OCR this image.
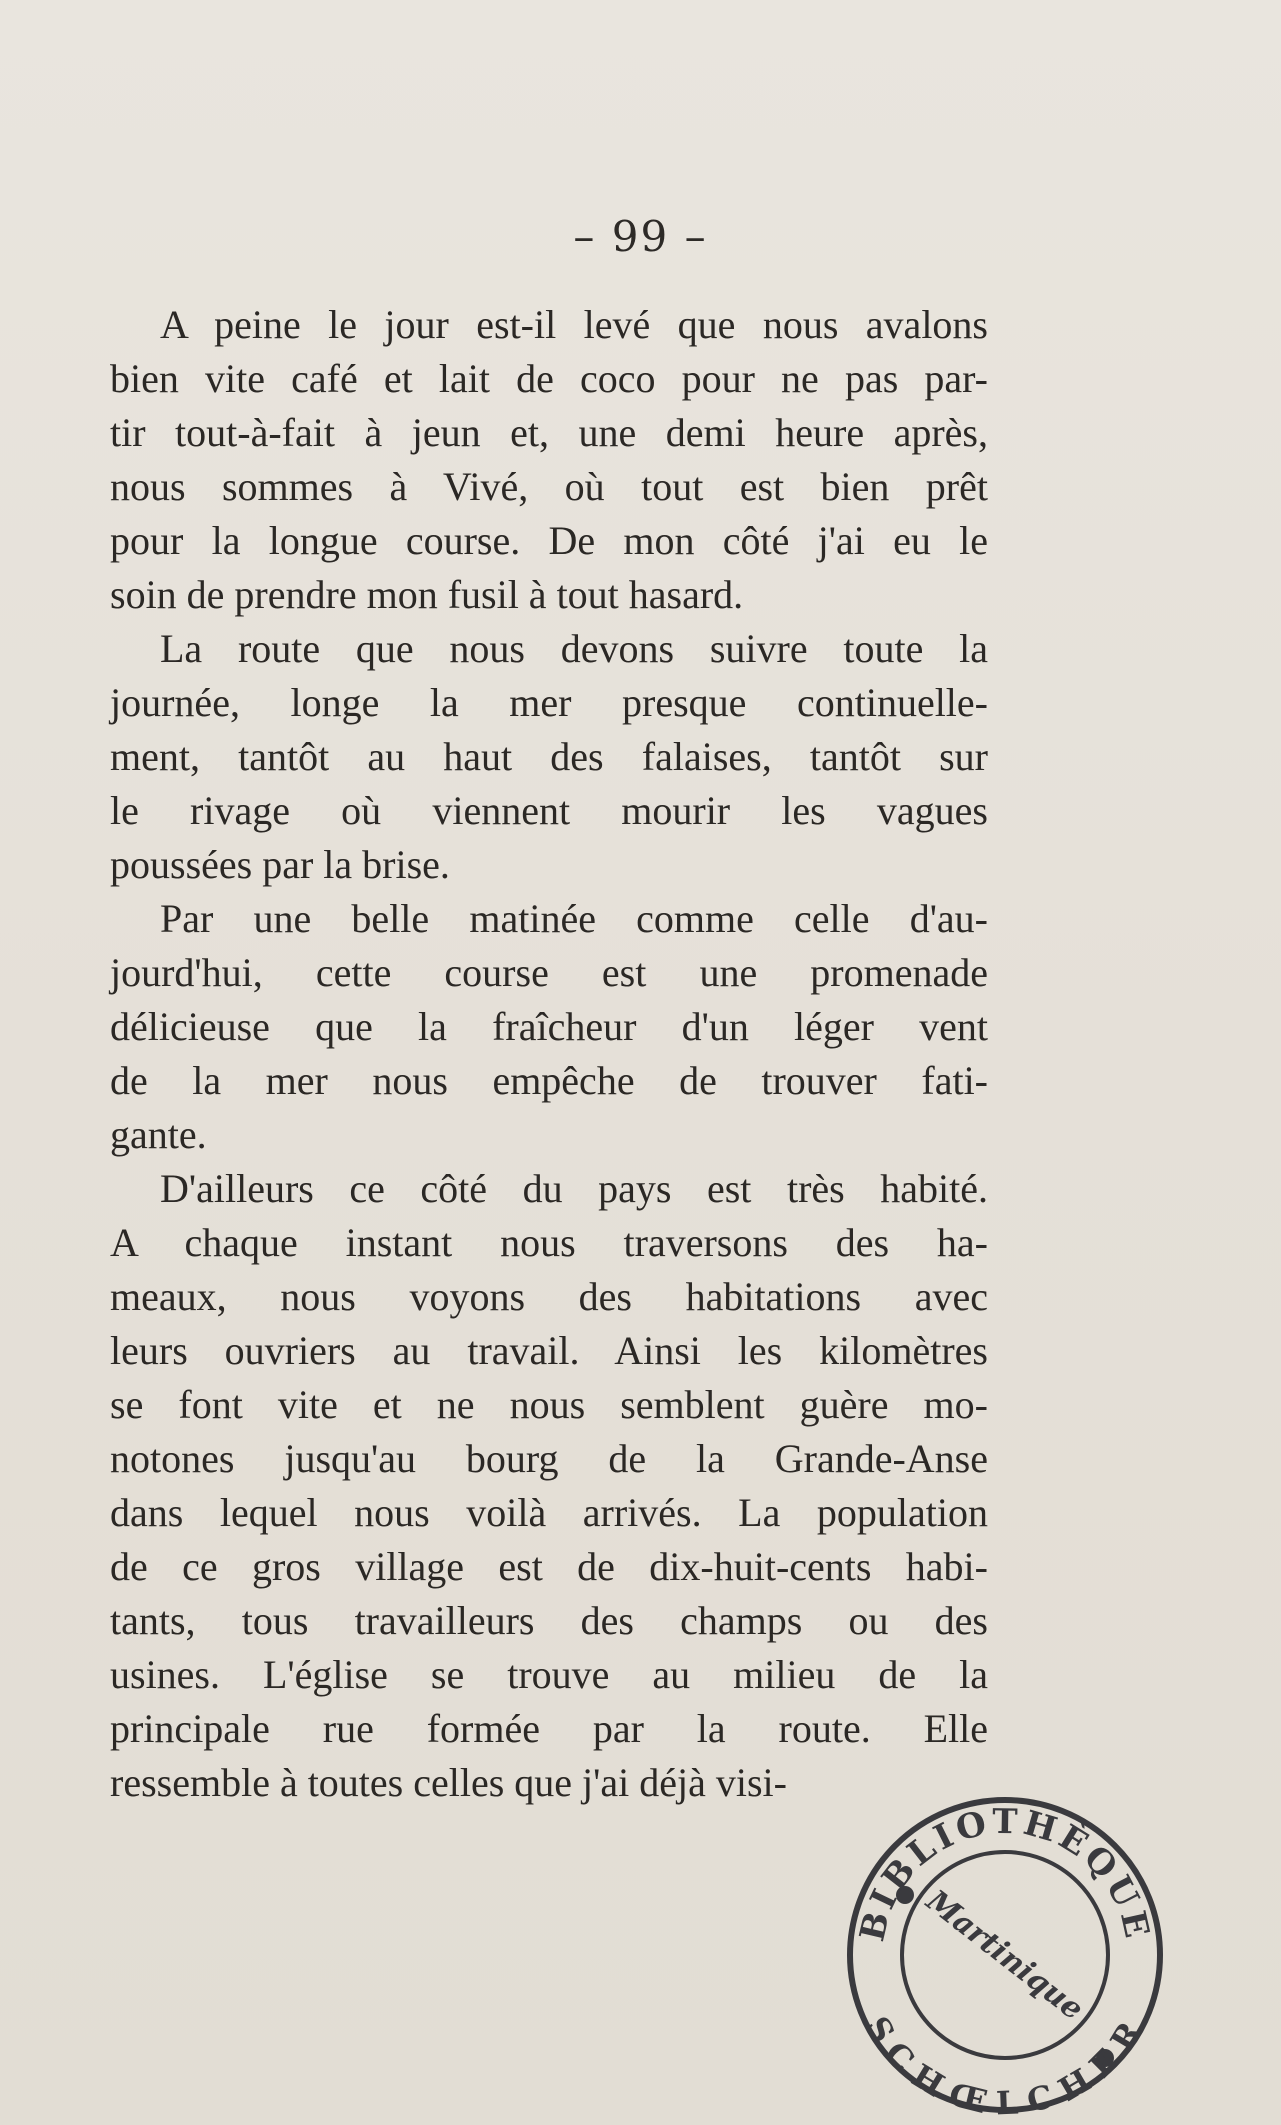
– 99 –
A peine le jour est-il levé que nous avalons
bien vite café et lait de coco pour ne pas par-
tir tout-à-fait à jeun et, une demi heure après,
nous sommes à Vivé, où tout est bien prêt
pour la longue course. De mon côté j'ai eu le
soin de prendre mon fusil à tout hasard.
La route que nous devons suivre toute la
journée, longe la mer presque continuelle-
ment, tantôt au haut des falaises, tantôt sur
le rivage où viennent mourir les vagues
poussées par la brise.
Par une belle matinée comme celle d'au-
jourd'hui, cette course est une promenade
délicieuse que la fraîcheur d'un léger vent
de la mer nous empêche de trouver fati-
gante.
D'ailleurs ce côté du pays est très habité.
A chaque instant nous traversons des ha-
meaux, nous voyons des habitations avec
leurs ouvriers au travail. Ainsi les kilomètres
se font vite et ne nous semblent guère mo-
notones jusqu'au bourg de la Grande-Anse
dans lequel nous voilà arrivés. La population
de ce gros village est de dix-huit-cents habi-
tants, tous travailleurs des champs ou des
usines. L'église se trouve au milieu de la
principale rue formée par la route. Elle
ressemble à toutes celles que j'ai déjà visi-
BIBLIOTHÈQUE
SCHŒLCHER
Martinique
